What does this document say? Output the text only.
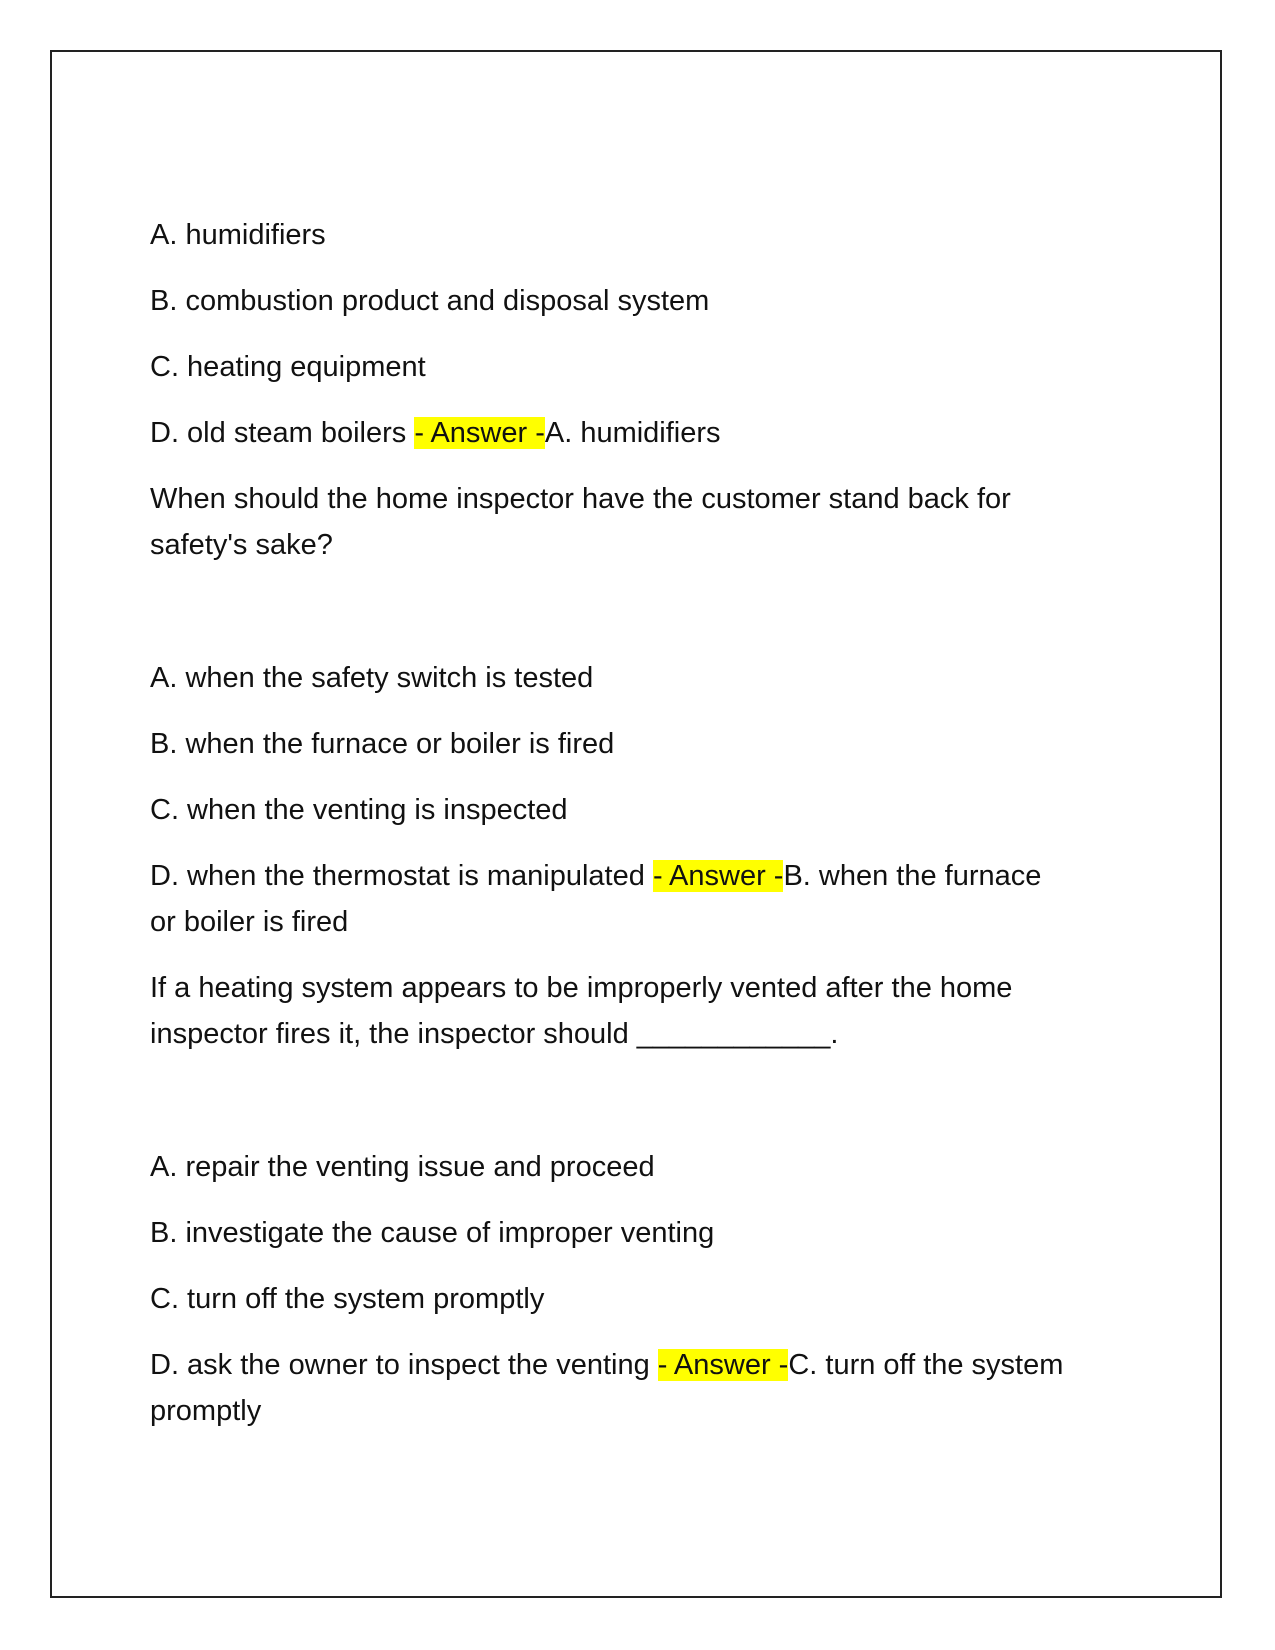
A. humidifiers
B. combustion product and disposal system
C. heating equipment
D. old steam boilers - Answer -A. humidifiers
When should the home inspector have the customer stand back for
safety's sake?
A. when the safety switch is tested
B. when the furnace or boiler is fired
C. when the venting is inspected
D. when the thermostat is manipulated - Answer -B. when the furnace
or boiler is fired
If a heating system appears to be improperly vented after the home
inspector fires it, the inspector should ____________.
A. repair the venting issue and proceed
B. investigate the cause of improper venting
C. turn off the system promptly
D. ask the owner to inspect the venting - Answer -C. turn off the system
promptly
